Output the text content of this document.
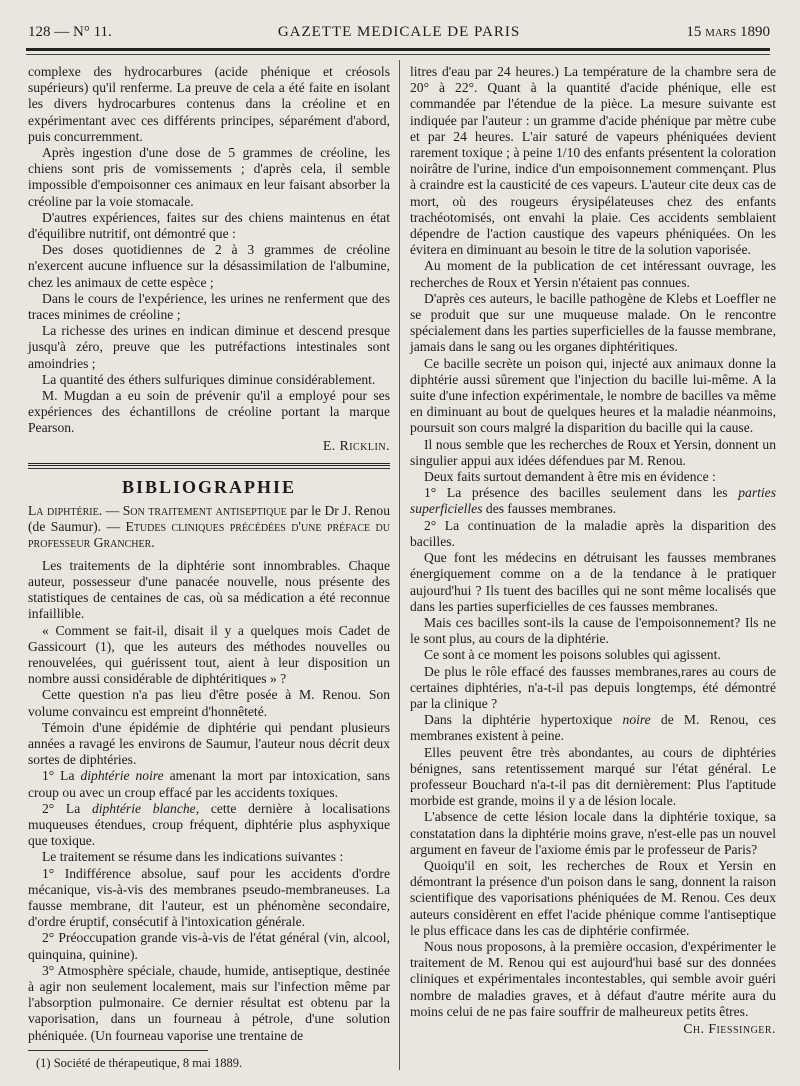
128 — N° 11.	GAZETTE MEDICALE DE PARIS	15 mars 1890

complexe des hydrocarbures (acide phénique et créosols supérieurs) qu'il renferme. La preuve de cela a été faite en isolant les divers hydrocarbures contenus dans la créoline et en expérimentant avec ces différents principes, séparément d'abord, puis concurremment.

Après ingestion d'une dose de 5 grammes de créoline, les chiens sont pris de vomissements ; d'après cela, il semble impossible d'empoisonner ces animaux en leur faisant absorber la créoline par la voie stomacale.

D'autres expériences, faites sur des chiens maintenus en état d'équilibre nutritif, ont démontré que :

Des doses quotidiennes de 2 à 3 grammes de créoline n'exercent aucune influence sur la désassimilation de l'albumine, chez les animaux de cette espèce ;

Dans le cours de l'expérience, les urines ne renferment que des traces minimes de créoline ;

La richesse des urines en indican diminue et descend presque jusqu'à zéro, preuve que les putréfactions intestinales sont amoindries ;

La quantité des éthers sulfuriques diminue considérablement.

M. Mugdan a eu soin de prévenir qu'il a employé pour ses expériences des échantillons de créoline portant la marque Pearson.

E. Ricklin.
BIBLIOGRAPHIE

La diphtérie. — Son traitement antiseptique par le Dr J. Renou (de Saumur). — Etudes cliniques précédées d'une préface du professeur Grancher.

Les traitements de la diphtérie sont innombrables. Chaque auteur, possesseur d'une panacée nouvelle, nous présente des statistiques de centaines de cas, où sa médication a été reconnue infaillible.

« Comment se fait-il, disait il y a quelques mois Cadet de Gassicourt (1), que les auteurs des méthodes nouvelles ou renouvelées, qui guérissent tout, aient à leur disposition un nombre aussi considérable de diphtéritiques » ?

Cette question n'a pas lieu d'être posée à M. Renou. Son volume convaincu est empreint d'honnêteté.

Témoin d'une épidémie de diphtérie qui pendant plusieurs années a ravagé les environs de Saumur, l'auteur nous décrit deux sortes de diphtéries.

1° La diphtérie noire amenant la mort par intoxication, sans croup ou avec un croup effacé par les accidents toxiques.

2° La diphtérie blanche, cette dernière à localisations muqueuses étendues, croup fréquent, diphtérie plus asphyxique que toxique.

Le traitement se résume dans les indications suivantes :

1° Indifférence absolue, sauf pour les accidents d'ordre mécanique, vis-à-vis des membranes pseudo-membraneuses. La fausse membrane, dit l'auteur, est un phénomène secondaire, d'ordre éruptif, consécutif à l'intoxication générale.

2° Préoccupation grande vis-à-vis de l'état général (vin, alcool, quinquina, quinine).

3° Atmosphère spéciale, chaude, humide, antiseptique, destinée à agir non seulement localement, mais sur l'infection même par l'absorption pulmonaire. Ce dernier résultat est obtenu par la vaporisation, dans un fourneau à pétrole, d'une solution phéniquée. (Un fourneau vaporise une trentaine de

(1) Société de thérapeutique, 8 mai 1889.

litres d'eau par 24 heures.) La température de la chambre sera de 20° à 22°. Quant à la quantité d'acide phénique, elle est commandée par l'étendue de la pièce. La mesure suivante est indiquée par l'auteur : un gramme d'acide phénique par mètre cube et par 24 heures. L'air saturé de vapeurs phéniquées devient rarement toxique ; à peine 1/10 des enfants présentent la coloration noirâtre de l'urine, indice d'un empoisonnement commençant. Plus à craindre est la causticité de ces vapeurs. L'auteur cite deux cas de mort, où des rougeurs érysipélateuses chez des enfants trachéotomisés, ont envahi la plaie. Ces accidents semblaient dépendre de l'action caustique des vapeurs phéniquées. On les évitera en diminuant au besoin le titre de la solution vaporisée.

Au moment de la publication de cet intéressant ouvrage, les recherches de Roux et Yersin n'étaient pas connues.

D'après ces auteurs, le bacille pathogène de Klebs et Loeffler ne se produit que sur une muqueuse malade. On le rencontre spécialement dans les parties superficielles de la fausse membrane, jamais dans le sang ou les organes diphtéritiques.

Ce bacille secrète un poison qui, injecté aux animaux donne la diphtérie aussi sûrement que l'injection du bacille lui-même. A la suite d'une infection expérimentale, le nombre de bacilles va même en diminuant au bout de quelques heures et la maladie néanmoins, poursuit son cours malgré la disparition du bacille qui la cause.

Il nous semble que les recherches de Roux et Yersin, donnent un singulier appui aux idées défendues par M. Renou.

Deux faits surtout demandent à être mis en évidence :

1° La présence des bacilles seulement dans les parties superficielles des fausses membranes.

2° La continuation de la maladie après la disparition des bacilles.

Que font les médecins en détruisant les fausses membranes énergiquement comme on a de la tendance à le pratiquer aujourd'hui ? Ils tuent des bacilles qui ne sont même localisés que dans les parties superficielles de ces fausses membranes.

Mais ces bacilles sont-ils la cause de l'empoisonnement? Ils ne le sont plus, au cours de la diphtérie.

Ce sont à ce moment les poisons solubles qui agissent.

De plus le rôle effacé des fausses membranes,rares au cours de certaines diphtéries, n'a-t-il pas depuis longtemps, été démontré par la clinique ?

Dans la diphtérie hypertoxique noire de M. Renou, ces membranes existent à peine.

Elles peuvent être très abondantes, au cours de diphtéries bénignes, sans retentissement marqué sur l'état général. Le professeur Bouchard n'a-t-il pas dit dernièrement: Plus l'aptitude morbide est grande, moins il y a de lésion locale.

L'absence de cette lésion locale dans la diphtérie toxique, sa constatation dans la diphtérie moins grave, n'est-elle pas un nouvel argument en faveur de l'axiome émis par le professeur de Paris?

Quoiqu'il en soit, les recherches de Roux et Yersin en démontrant la présence d'un poison dans le sang, donnent la raison scientifique des vaporisations phéniquées de M. Renou. Ces deux auteurs considèrent en effet l'acide phénique comme l'antiseptique le plus efficace dans les cas de diphtérie confirmée.

Nous nous proposons, à la première occasion, d'expérimenter le traitement de M. Renou qui est aujourd'hui basé sur des données cliniques et expérimentales incontestables, qui semble avoir guéri nombre de maladies graves, et à défaut d'autre mérite aura du moins celui de ne pas faire souffrir de malheureux petits êtres.

Ch. Fiessinger.
